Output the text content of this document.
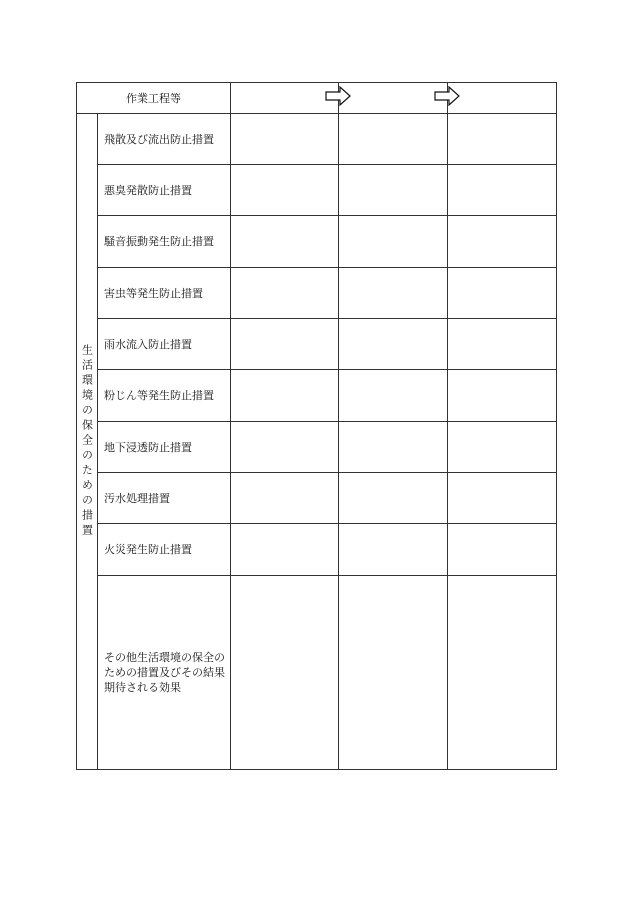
作業工程等				
生活環境の保全のための措置	飛散及び流出防止措置			
	悪臭発散防止措置			
	騒音振動発生防止措置			
	害虫等発生防止措置			
	雨水流入防止措置			
	粉じん等発生防止措置			
	地下浸透防止措置			
	汚水処理措置			
	火災発生防止措置			

	その他生活環境の保全のための措置及びその結果期待される効果			
